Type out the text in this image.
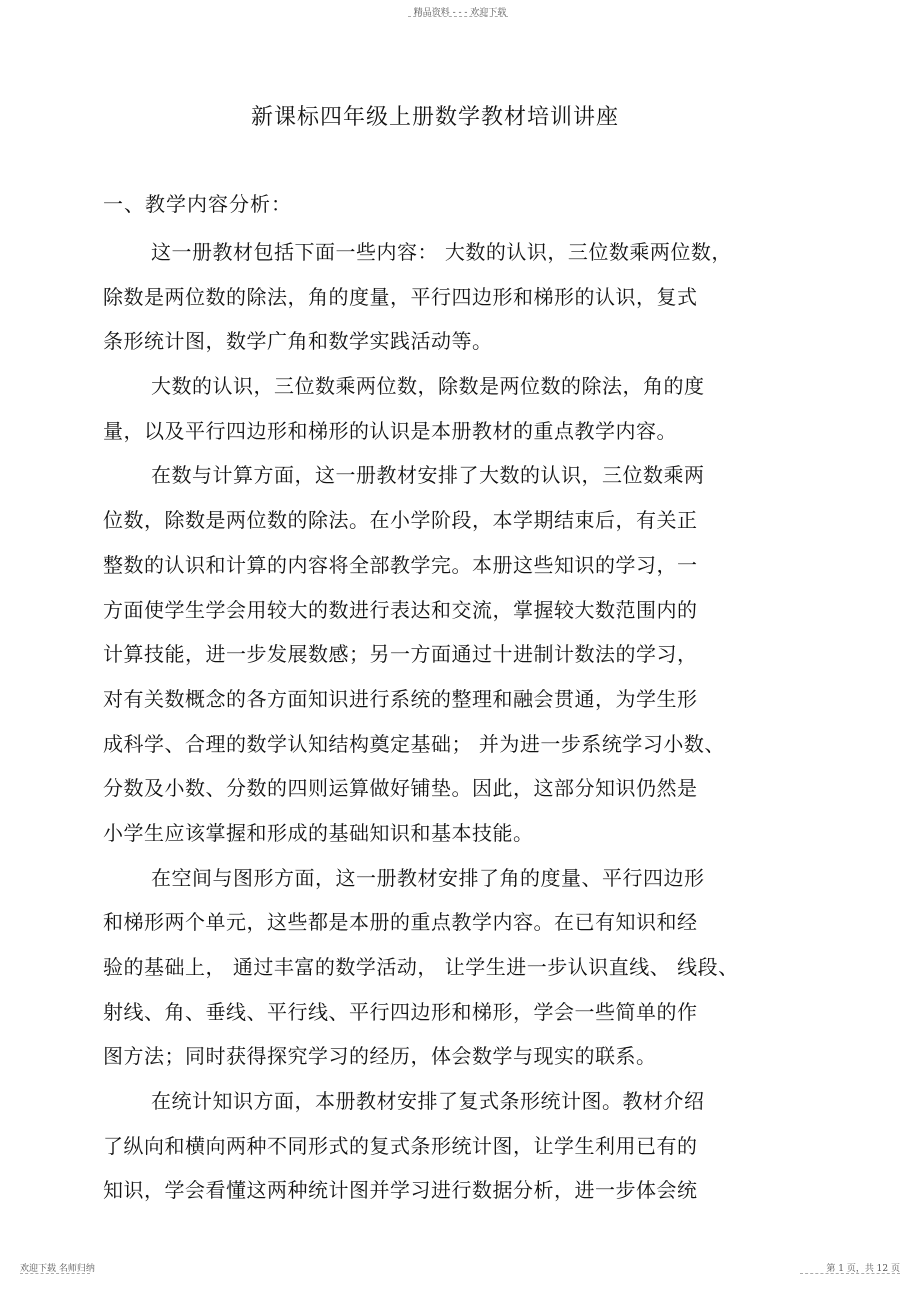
精品资料 - - - 欢迎下载
新课标四年级上册数学教材培训讲座
一、教学内容分析：
这一册教材包括下面一些内容： 大数的认识，三位数乘两位数，
除数是两位数的除法，角的度量，平行四边形和梯形的认识，复式
条形统计图，数学广角和数学实践活动等。
大数的认识，三位数乘两位数，除数是两位数的除法，角的度
量，以及平行四边形和梯形的认识是本册教材的重点教学内容。
在数与计算方面，这一册教材安排了大数的认识，三位数乘两
位数，除数是两位数的除法。在小学阶段，本学期结束后，有关正
整数的认识和计算的内容将全部教学完。本册这些知识的学习，一
方面使学生学会用较大的数进行表达和交流，掌握较大数范围内的
计算技能，进一步发展数感；另一方面通过十进制计数法的学习，
对有关数概念的各方面知识进行系统的整理和融会贯通，为学生形
成科学、合理的数学认知结构奠定基础； 并为进一步系统学习小数、
分数及小数、分数的四则运算做好铺垫。因此，这部分知识仍然是
小学生应该掌握和形成的基础知识和基本技能。
在空间与图形方面，这一册教材安排了角的度量、平行四边形
和梯形两个单元，这些都是本册的重点教学内容。在已有知识和经
验的基础上， 通过丰富的数学活动， 让学生进一步认识直线、 线段、
射线、角、垂线、平行线、平行四边形和梯形，学会一些简单的作
图方法；同时获得探究学习的经历，体会数学与现实的联系。
在统计知识方面，本册教材安排了复式条形统计图。教材介绍
了纵向和横向两种不同形式的复式条形统计图，让学生利用已有的
知识，学会看懂这两种统计图并学习进行数据分析，进一步体会统
欢迎下载 名师归纳	第 1 页，共 12 页
